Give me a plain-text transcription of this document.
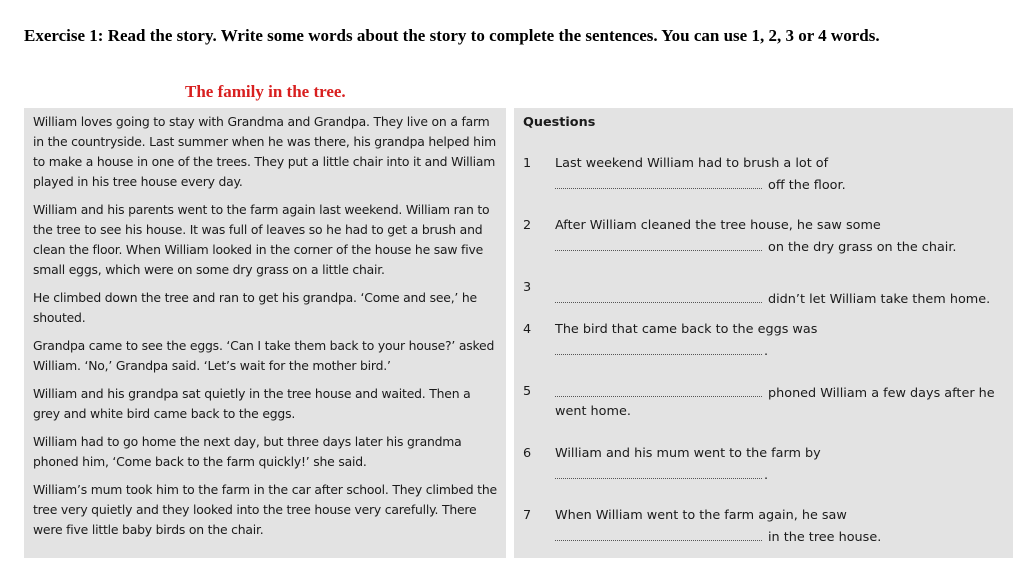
Exercise 1: Read the story. Write some words about the story to complete the sentences. You can use 1, 2, 3 or 4 words.
The family in the tree.

William loves going to stay with Grandma and Grandpa. They live on a farm in the countryside. Last summer when he was there, his grandpa helped him to make a house in one of the trees. They put a little chair into it and William played in his tree house every day.

William and his parents went to the farm again last weekend. William ran to the tree to see his house. It was full of leaves so he had to get a brush and clean the floor. When William looked in the corner of the house he saw five small eggs, which were on some dry grass on a little chair.

He climbed down the tree and ran to get his grandpa. ‘Come and see,’ he shouted.

Grandpa came to see the eggs. ‘Can I take them back to your house?’ asked William. ‘No,’ Grandpa said. ‘Let’s wait for the mother bird.’

William and his grandpa sat quietly in the tree house and waited. Then a grey and white bird came back to the eggs.

William had to go home the next day, but three days later his grandma phoned him, ‘Come back to the farm quickly!’ she said.

William’s mum took him to the farm in the car after school. They climbed the tree very quietly and they looked into the tree house very carefully. There were five little baby birds on the chair.

Questions
1 Last weekend William had to brush a lot of
off the floor.
2 After William cleaned the tree house, he saw some
on the dry grass on the chair.
3
didn’t let William take them home.
4 The bird that came back to the eggs was
.
5	phoned William a few days after he
went home.
6 William and his mum went to the farm by
.
7 When William went to the farm again, he saw
in the tree house.
